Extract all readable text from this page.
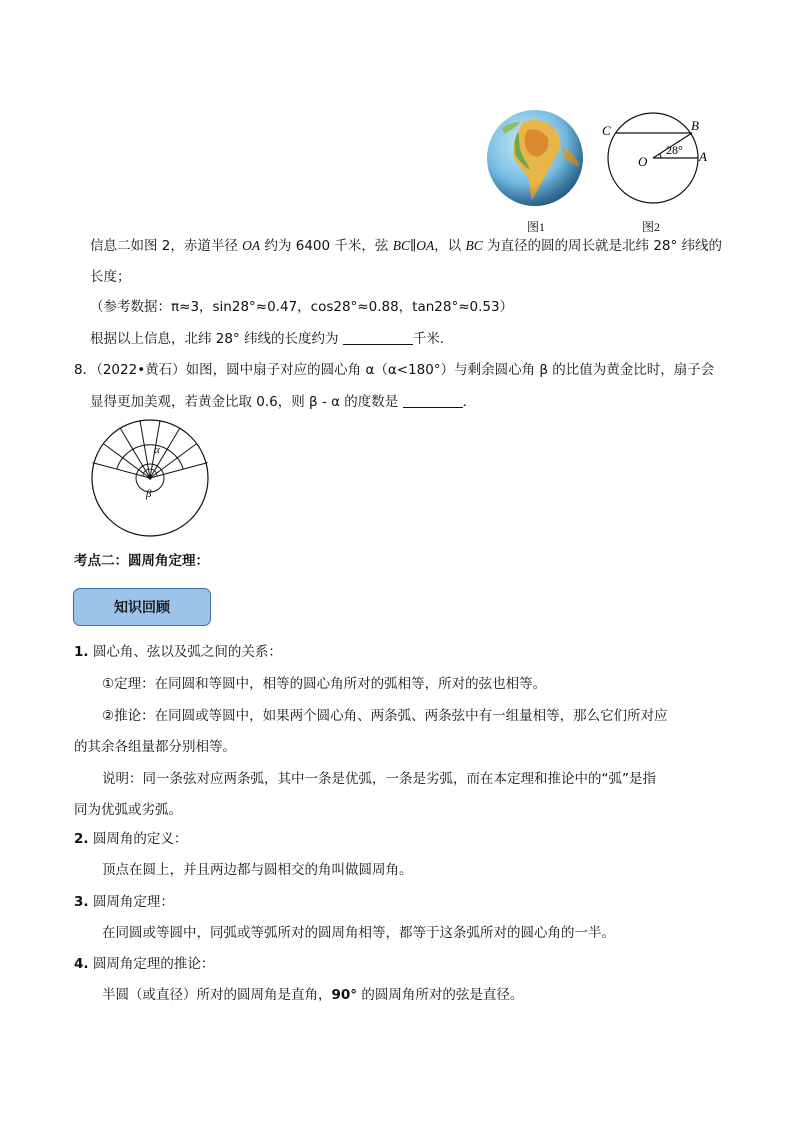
图1
C	B
O	A
28°
图2
信息二如图 2，赤道半径 OA 约为 6400 千米，弦 BC∥OA，以 BC 为直径的圆的周长就是北纬 28° 纬线的
长度；
（参考数据：π≈3，sin28°≈0.47，cos28°≈0.88，tan28°≈0.53）
根据以上信息，北纬 28° 纬线的长度约为	千米．
8．（2022•黄石）如图，圆中扇子对应的圆心角 α（α<180°）与剩余圆心角 β 的比值为黄金比时，扇子会
显得更加美观，若黄金比取 0.6，则 β - α 的度数是	．
α
β
考点二：圆周角定理：
知识回顾
1. 圆心角、弦以及弧之间的关系：
①定理：在同圆和等圆中，相等的圆心角所对的弧相等，所对的弦也相等。
②推论：在同圆或等圆中，如果两个圆心角、两条弧、两条弦中有一组量相等，那么它们所对应
的其余各组量都分别相等。
说明：同一条弦对应两条弧，其中一条是优弧，一条是劣弧，而在本定理和推论中的“弧”是指
同为优弧或劣弧。
2. 圆周角的定义：
顶点在圆上，并且两边都与圆相交的角叫做圆周角。
3. 圆周角定理：
在同圆或等圆中，同弧或等弧所对的圆周角相等，都等于这条弧所对的圆心角的一半。
4. 圆周角定理的推论：
半圆（或直径）所对的圆周角是直角，90° 的圆周角所对的弦是直径。
